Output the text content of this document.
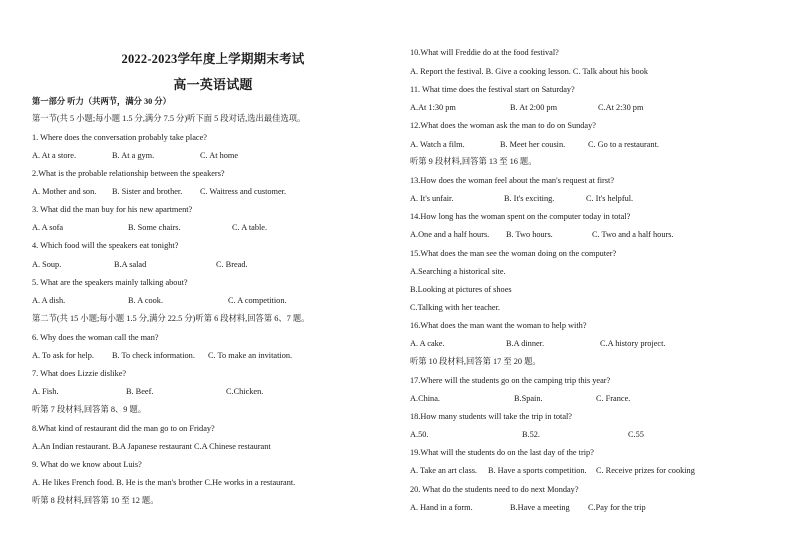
2022-2023学年度上学期期末考试
高一英语试题
第一部分 听力（共两节，满分 30 分）
第一节(共 5 小题;每小题 1.5 分,满分 7.5 分)听下面 5 段对话,选出最佳选项。
1. Where does the conversation probably take place?
A. At a store.	B. At a gym.	C. At home
2.What is the probable relationship between the speakers?
A. Mother and son. B. Sister and brother. C. Waitress and customer.
3. What did the man buy for his new apartment?
A. A sofa	B. Some chairs.	C. A table.
4. Which food will the speakers eat tonight?
A. Soup.	B.A salad	C. Bread.
5. What are the speakers mainly talking about?
A. A dish.	B. A cook.	C. A competition.
第二节(共 15 小题;每小题 1.5 分,满分 22.5 分)听第 6 段材料,回答第 6、7 题。
6. Why does the woman call the man?
A. To ask for help. B. To check information. C. To make an invitation.
7. What does Lizzie dislike?
A. Fish.	B. Beef.	C.Chicken.
听第 7 段材料,回答第 8、9 题。
8.What kind of restaurant did the man go to on Friday?
A.An Indian restaurant. B.A Japanese restaurant C.A Chinese restaurant
9. What do we know about Luis?
A. He likes French food. B. He is the man's brother C.He works in a restaurant.
听第 8 段材料,回答第 10 至 12 题。
10.What will Freddie do at the food festival?
A. Report the festival. B. Give a cooking lesson. C. Talk about his book
11. What time does the festival start on Saturday?
A.At 1:30 pm	B. At 2:00 pm	C.At 2:30 pm
12.What does the woman ask the man to do on Sunday?
A. Watch a film.	B. Meet her cousin.	C. Go to a restaurant.
听第 9 段材料,回答第 13 至 16 题。
13.How does the woman feel about the man's request at first?
A. It's unfair.	B. It's exciting.	C. It's helpful.
14.How long has the woman spent on the computer today in total?
A.One and a half hours. B. Two hours.	C. Two and a half hours.
15.What does the man see the woman doing on the computer?
A.Searching a historical site.
B.Looking at pictures of shoes
C.Talking with her teacher.
16.What does the man want the woman to help with?
A. A cake.	B.A dinner.	C.A history project.
听第 10 段材料,回答第 17 至 20 题。
17.Where will the students go on the camping trip this year?
A.China.	B.Spain.	C. France.
18.How many students will take the trip in total?
A.50.	B.52.	C.55
19.What will the students do on the last day of the trip?
A. Take an art class. B. Have a sports competition. C. Receive prizes for cooking
20. What do the students need to do next Monday?
A. Hand in a form.	B.Have a meeting C.Pay for the trip
